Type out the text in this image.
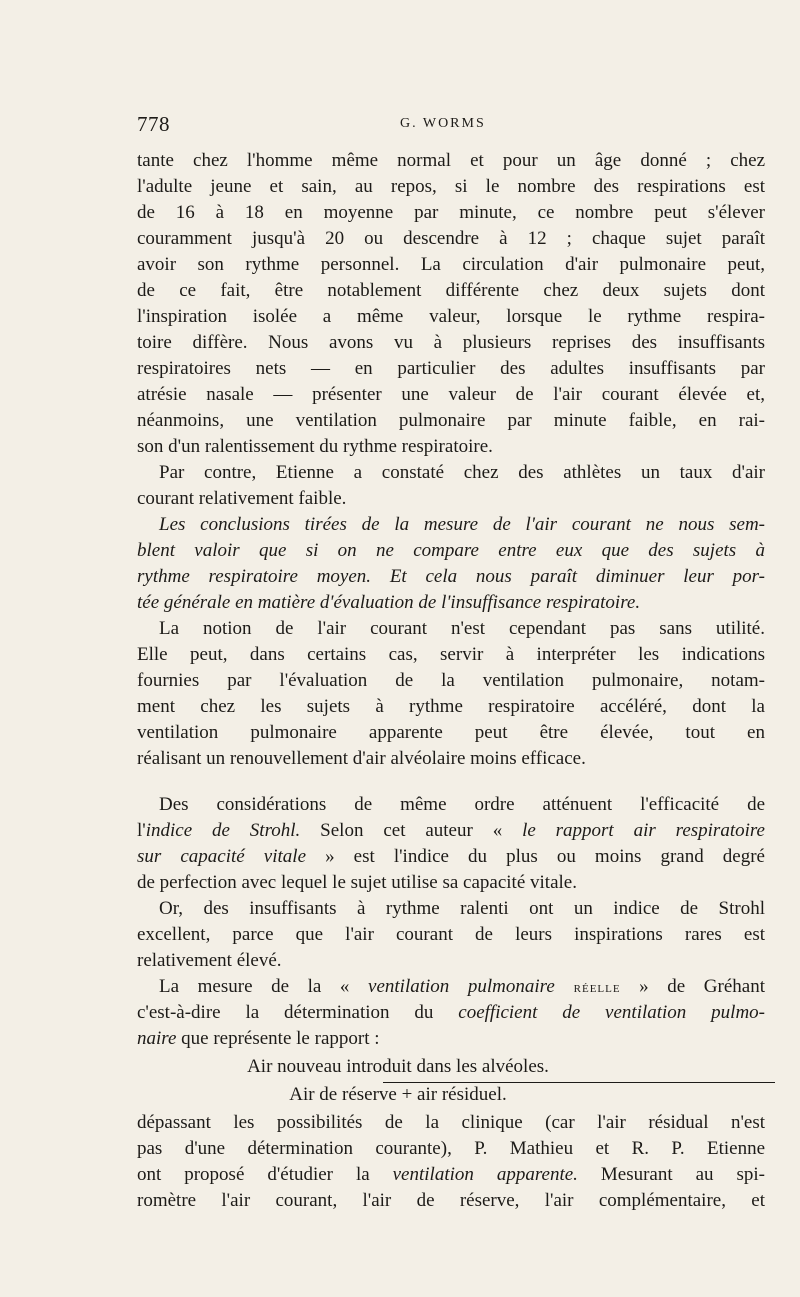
778	G. WORMS
tante chez l'homme même normal et pour un âge donné ; chez
l'adulte jeune et sain, au repos, si le nombre des respirations est
de 16 à 18 en moyenne par minute, ce nombre peut s'élever
couramment jusqu'à 20 ou descendre à 12 ; chaque sujet paraît
avoir son rythme personnel. La circulation d'air pulmonaire peut,
de ce fait, être notablement différente chez deux sujets dont
l'inspiration isolée a même valeur, lorsque le rythme respira-
toire diffère. Nous avons vu à plusieurs reprises des insuffisants
respiratoires nets — en particulier des adultes insuffisants par
atrésie nasale — présenter une valeur de l'air courant élevée et,
néanmoins, une ventilation pulmonaire par minute faible, en rai-
son d'un ralentissement du rythme respiratoire.
Par contre, Etienne a constaté chez des athlètes un taux d'air
courant relativement faible.
Les conclusions tirées de la mesure de l'air courant ne nous sem-
blent valoir que si on ne compare entre eux que des sujets à
rythme respiratoire moyen. Et cela nous paraît diminuer leur por-
tée générale en matière d'évaluation de l'insuffisance respiratoire.
La notion de l'air courant n'est cependant pas sans utilité.
Elle peut, dans certains cas, servir à interpréter les indications
fournies par l'évaluation de la ventilation pulmonaire, notam-
ment chez les sujets à rythme respiratoire accéléré, dont la
ventilation pulmonaire apparente peut être élevée, tout en
réalisant un renouvellement d'air alvéolaire moins efficace.
Des considérations de même ordre atténuent l'efficacité de
l'indice de Strohl. Selon cet auteur « le rapport air respiratoire
sur capacité vitale » est l'indice du plus ou moins grand degré
de perfection avec lequel le sujet utilise sa capacité vitale.
Or, des insuffisants à rythme ralenti ont un indice de Strohl
excellent, parce que l'air courant de leurs inspirations rares est
relativement élevé.
La mesure de la « ventilation pulmonaire réelle » de Gréhant
c'est-à-dire la détermination du coefficient de ventilation pulmo-
naire que représente le rapport :
Air nouveau introduit dans les alvéoles.
Air de réserve + air résiduel.
dépassant les possibilités de la clinique (car l'air résidual n'est
pas d'une détermination courante), P. Mathieu et R. P. Etienne
ont proposé d'étudier la ventilation apparente. Mesurant au spi-
romètre l'air courant, l'air de réserve, l'air complémentaire, et
